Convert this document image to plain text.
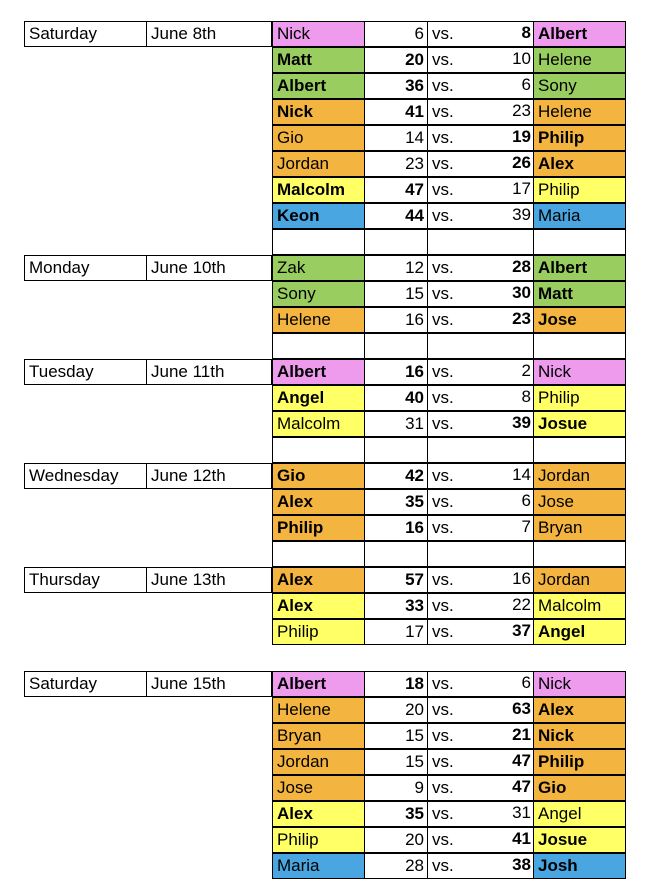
Saturday	June 8th	Nick	6 vs.	8 Albert
Matt	20 vs.	10 Helene
Albert	36 vs.	6 Sony
Nick	41 vs.	23 Helene
Gio	14 vs.	19 Philip
Jordan	23 vs.	26 Alex
Malcolm	47 vs.	17 Philip
Keon	44 vs.	39 Maria
Monday	June 10th	Zak	12 vs.	28 Albert
Sony	15 vs.	30 Matt
Helene	16 vs.	23 Jose
Tuesday	June 11th	Albert	16 vs.	2 Nick
Angel	40 vs.	8 Philip
Malcolm	31 vs.	39 Josue
Wednesday	June 12th	Gio	42 vs.	14 Jordan
Alex	35 vs.	6 Jose
Philip	16 vs.	7 Bryan
Thursday	June 13th	Alex	57 vs.	16 Jordan
Alex	33 vs.	22 Malcolm
Philip	17 vs.	37 Angel
Saturday	June 15th	Albert	18 vs.	6 Nick
Helene	20 vs.	63 Alex
Bryan	15 vs.	21 Nick
Jordan	15 vs.	47 Philip
Jose	9 vs.	47 Gio
Alex	35 vs.	31 Angel
Philip	20 vs.	41 Josue
Maria	28 vs.	38 Josh
